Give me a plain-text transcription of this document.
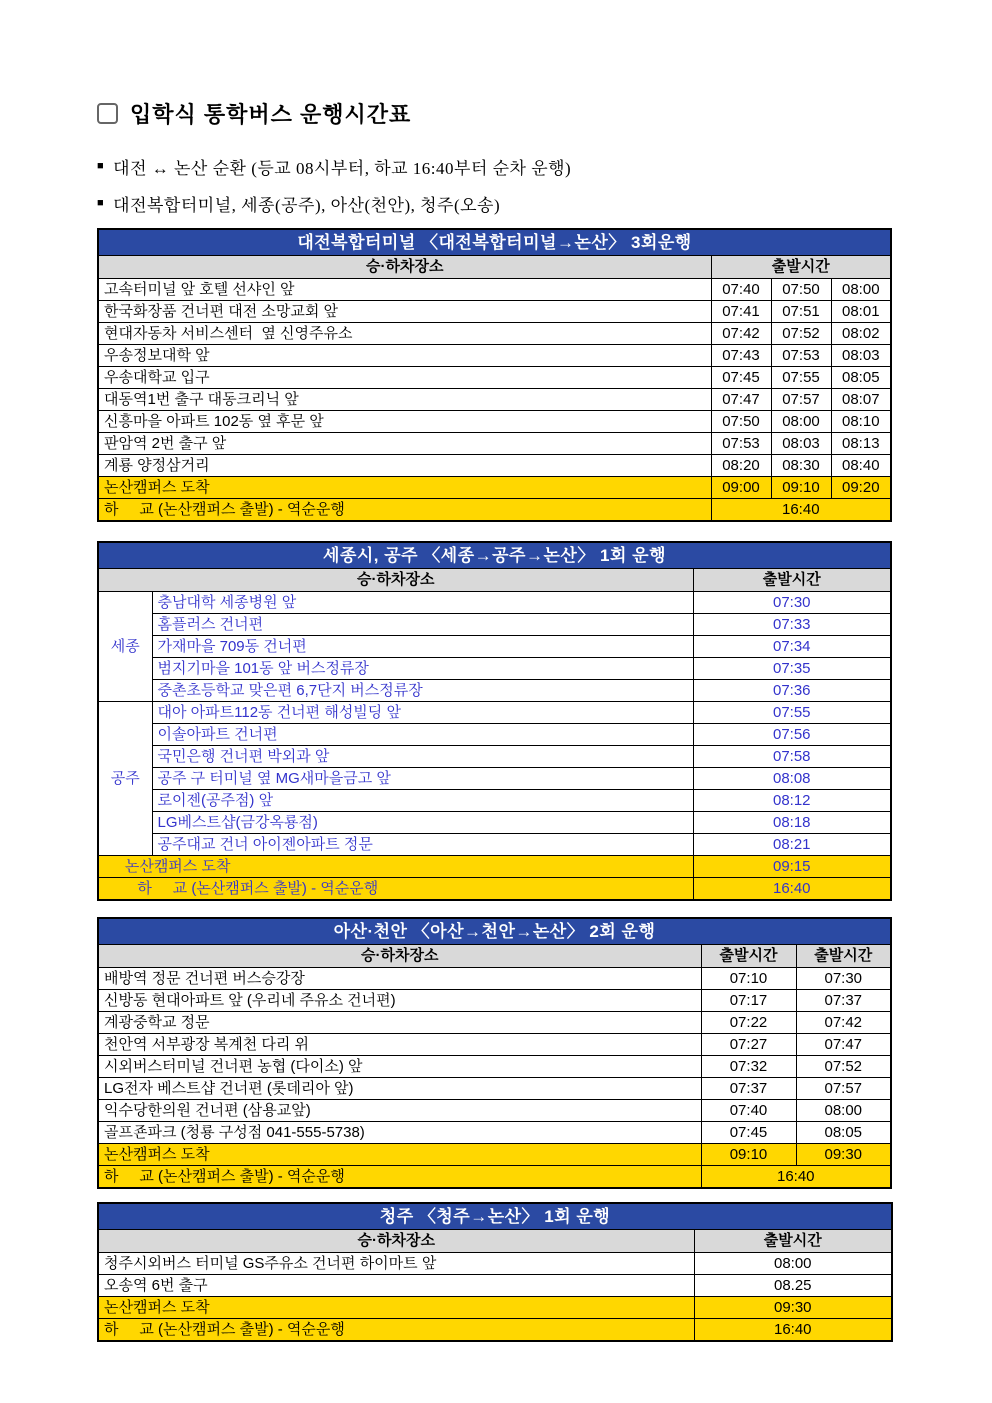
입학식 통학버스 운행시간표
■ 대전 ↔ 논산 순환 (등교 08시부터, 하교 16:40부터 순차 운행)
■ 대전복합터미널, 세종(공주), 아산(천안), 청주(오송)
대전복합터미널 〈대전복합터미널→논산〉 3회운행			
승·하차장소	출발시간		
고속터미널 앞 호텔 선샤인 앞	07:40	07:50	08:00
한국화장품 건너편 대전 소망교회 앞	07:41	07:51	08:01
현대자동차 서비스센터  옆 신영주유소	07:42	07:52	08:02
우송정보대학 앞	07:43	07:53	08:03
우송대학교 입구	07:45	07:55	08:05
대동역1번 출구 대동크리닉 앞	07:47	07:57	08:07
신흥마을 아파트 102동 옆 후문 앞	07:50	08:00	08:10
판암역 2번 출구 앞	07:53	08:03	08:13
계룡 양정삼거리	08:20	08:30	08:40
논산캠퍼스 도착	09:00	09:10	09:20
하     교 (논산캠퍼스 출발) - 역순운행	16:40		
세종시, 공주 〈세종→공주→논산〉 1회 운행		
승·하차장소		출발시간
세종	충남대학 세종병원 앞	07:30
	홈플러스 건너편	07:33
	가재마을 709동 건너편	07:34
	범지기마을 101동 앞 버스정류장	07:35
	중촌초등학교 맞은편 6,7단지 버스정류장	07:36
공주	대아 아파트112동 건너편 해성빌딩 앞	07:55
	이솔아파트 건너편	07:56
	국민은행 건너편 박외과 앞	07:58
	공주 구 터미널 옆 MG새마을금고 앞	08:08
	로이젠(공주점) 앞	08:12
	LG베스트샵(금강옥룡점)	08:18
	공주대교 건너 아이젠아파트 정문	08:21
논산캠퍼스 도착		09:15
하     교 (논산캠퍼스 출발) - 역순운행		16:40
아산·천안 〈아산→천안→논산〉 2회 운행		
승·하차장소	출발시간	출발시간
배방역 정문 건너편 버스승강장	07:10	07:30
신방동 현대아파트 앞 (우리네 주유소 건너편)	07:17	07:37
계광중학교 정문	07:22	07:42
천안역 서부광장 복계천 다리 위	07:27	07:47
시외버스터미널 건너편 농협 (다이소) 앞	07:32	07:52
LG전자 베스트샵 건너편 (롯데리아 앞)	07:37	07:57
익수당한의원 건너편 (삼용교앞)	07:40	08:00
골프죤파크 (청룡 구성점 041-555-5738)	07:45	08:05
논산캠퍼스 도착	09:10	09:30
하     교 (논산캠퍼스 출발) - 역순운행	16:40	
청주 〈청주→논산〉 1회 운행	
승·하차장소	출발시간
청주시외버스 터미널 GS주유소 건너편 하이마트 앞	08:00
오송역 6번 출구	08.25
논산캠퍼스 도착	09:30
하     교 (논산캠퍼스 출발) - 역순운행	16:40
